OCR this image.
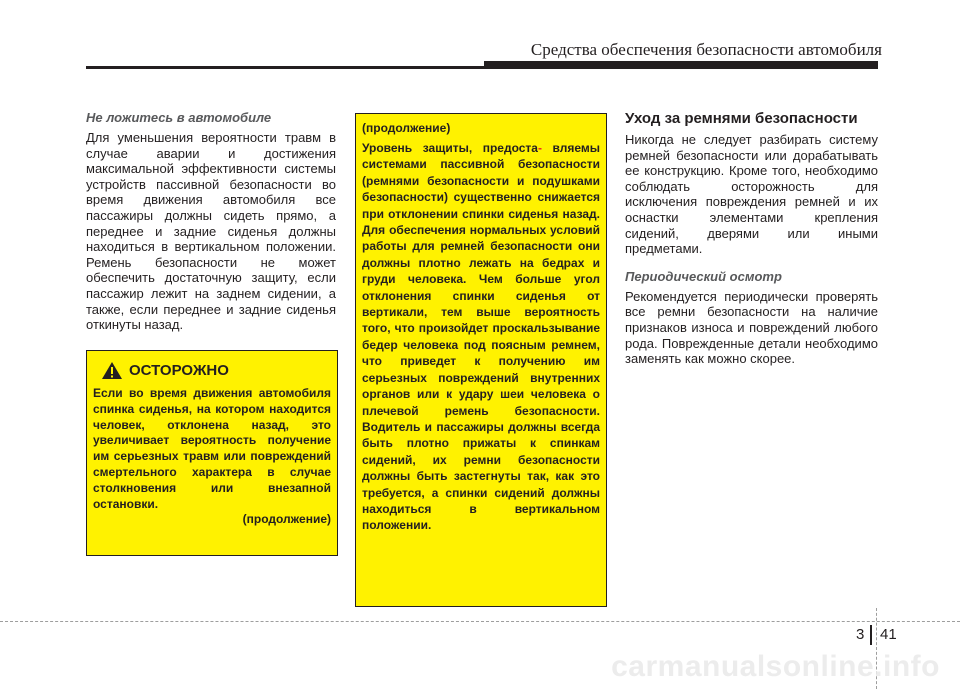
Средства обеспечения безопасности автомобиля

Не ложитесь в автомобиле

Для уменьшения вероятности травм в случае аварии и достижения максимальной эффективности системы устройств пассивной безопасности во время движения автомобиля все пассажиры должны сидеть прямо, а переднее и задние сиденья должны находиться в вертикальном положении. Ремень безопасности не может обеспечить достаточную защиту, если пассажир лежит на заднем сидении, а также, если переднее и задние сиденья откинуты назад.

ОСТОРОЖНО

Если во время движения автомобиля спинка сиденья, на котором находится человек, отклонена назад, это увеличивает вероятность получение им серьезных травм или повреждений смертельного характера в случае столкновения или внезапной остановки.

(продолжение)

(продолжение)

Уровень защиты, предоста- вляемы системами пассивной безопасности (ремнями безопасности и подушками безопасности) существенно снижается при отклонении спинки сиденья назад. Для обеспечения нормальных условий работы для ремней безопасности они должны плотно лежать на бедрах и груди человека. Чем больше угол отклонения спинки сиденья от вертикали, тем выше вероятность того, что произойдет проскальзывание бедер человека под поясным ремнем, что приведет к получению им серьезных повреждений внутренних органов или к удару шеи человека о плечевой ремень безопасности. Водитель и пассажиры должны всегда быть плотно прижаты к спинкам сидений, их ремни безопасности должны быть застегнуты так, как это требуется, а спинки сидений должны находиться в вертикальном положении.

Уход за ремнями безопасности

Никогда не следует разбирать систему ремней безопасности или дорабатывать ее конструкцию. Кроме того, необходимо соблюдать осторожность для исключения повреждения ремней и их оснастки элементами крепления сидений, дверями или иными предметами.

Периодический осмотр

Рекомендуется периодически проверять все ремни безопасности на наличие признаков износа и повреждений любого рода. Поврежденные детали необходимо заменять как можно скорее.

3 41
carmanualsonline.info
